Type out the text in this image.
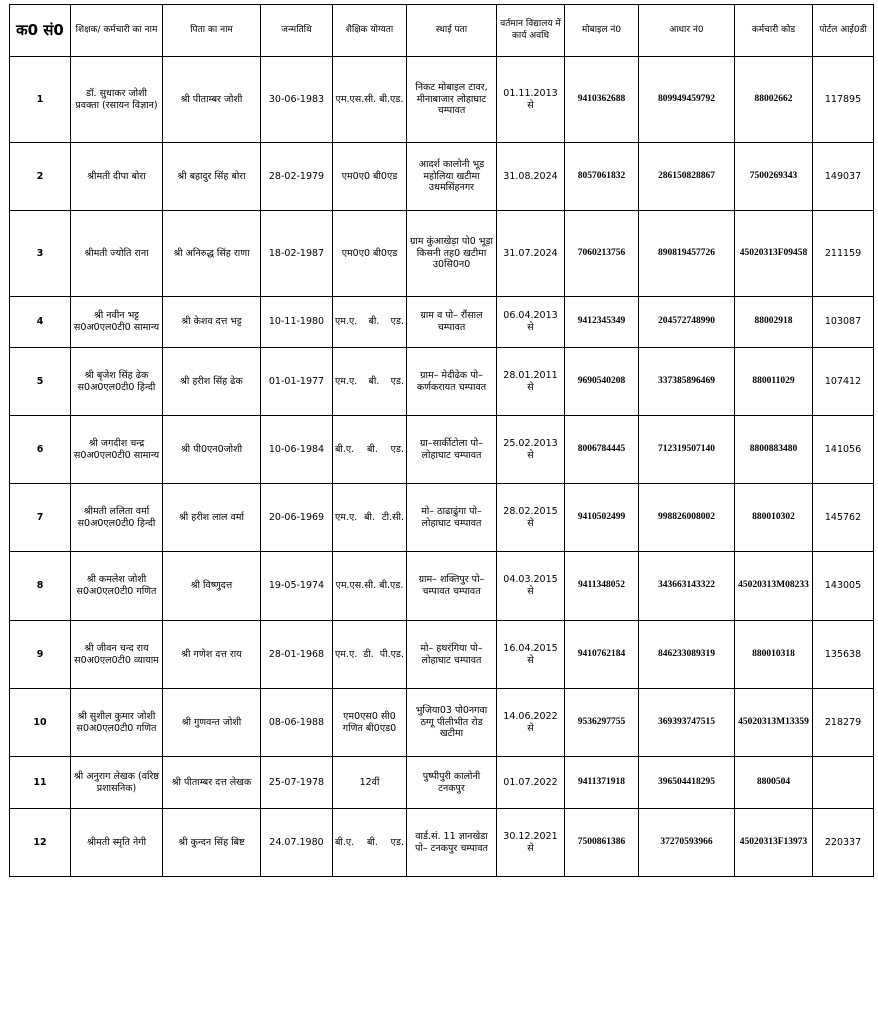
क0 सं0	शिक्षक/ कर्मचारी का नाम	पिता का नाम	जन्मतिथि	शैक्षिक योग्यता	स्थाई पता	वर्तमान विद्यालय में कार्य अवधि	मोबाइल नं0	आधार नं0	कर्मचारी कोड	पोर्टल आई0डी
1	डॉ. सुधाकर जोशी प्रवक्ता (रसायन विज्ञान)	श्री पीताम्बर जोशी	30-06-1983	एम.एस.सी. बी.एड.	निकट मोबाइल टावर, मीनाबाजार लोहाघाट चम्पावत	01.11.2013 से	9410362688	809949459792	88002662	117895
2	श्रीमती दीपा बोरा	श्री बहादुर सिंह बोरा	28-02-1979	एम0ए0 बी0एड	आदर्श कालोनी भूड महोलिया खटीमा उधमसिंहनगर	31.08.2024	8057061832	286150828867	7500269343	149037
3	श्रीमती ज्योति राना	श्री अनिरुद्ध सिंह राणा	18-02-1987	एम0ए0 बी0एड	ग्राम कुंआखेड़ा पो0 भूड़ा किसनी तह0 खटीमा उ0सि0न0	31.07.2024	7060213756	890819457726	45020313F09458	211159
4	श्री नवीन भट्ट स0अ0एल0टी0 सामान्य	श्री केशव दत्त भट्ट	10-11-1980	एम.ए. बी. एड.	ग्राम व पो– रौंसाल चम्पावत	06.04.2013 से	9412345349	204572748990	88002918	103087
5	श्री बृजेश सिंह ढेक स0अ0एल0टी0 हिन्दी	श्री हरीश सिंह ढेक	01-01-1977	एम.ए. बी. एड.	ग्राम– मेदीढेक पो– कर्णकरायत चम्पावत	28.01.2011 से	9690540208	337385896469	880011029	107412
6	श्री जगदीश चन्द्र स0अ0एल0टी0 सामान्य	श्री पी0एन0जोशी	10-06-1984	बी.ए. बी. एड.	ग्रा–सार्कीटोला पो–लोहाघाट चम्पावत	25.02.2013 से	8006784445	712319507140	8800883480	141056
7	श्रीमती ललिता वर्मा स0अ0एल0टी0 हिन्दी	श्री हरीश लाल वर्मा	20-06-1969	एम.ए. बी. टी.सी.	मो– ठाढाढुंगा पो– लोहाघाट चम्पावत	28.02.2015 से	9410502499	998826008002	880010302	145762
8	श्री कमलेश जोशी स0अ0एल0टी0 गणित	श्री विष्णुदत्त	19-05-1974	एम.एस.सी. बी.एड.	ग्राम– शक्तिपुर पो– चम्पावत चम्पावत	04.03.2015 से	9411348052	343663143322	45020313M08233	143005
9	श्री जीवन चन्द राय स0अ0एल0टी0 व्यायाम	श्री गणेश दत्त राय	28-01-1968	एम.ए. डी. पी.एड.	मो– हथरंगिया पो– लोहाघाट चम्पावत	16.04.2015 से	9410762184	846233089319	880010318	135638
10	श्री सुशील कुमार जोशी स0अ0एल0टी0 गणित	श्री गुणवन्त जोशी	08-06-1988	एम0एस0 सी0 गणित बी0एड0	भुजिया03 पो0नगवा ठग्गू पीलीभीत रोड खटीमा	14.06.2022 से	9536297755	369393747515	45020313M13359	218279
11	श्री अनुराग लेखक (वरिष्ठ प्रशासनिक)	श्री पीताम्बर दत्त लेखक	25-07-1978	12वीं	पुष्पीपुरी कालोनी टनकपुर	01.07.2022	9411371918	396504418295	8800504	
12	श्रीमती स्मृति नेगी	श्री कुन्दन सिंह बिष्ट	24.07.1980	बी.ए. बी. एड.	वार्ड.सं. 11 ज्ञानखेडा पो– टनकपुर चम्पावत	30.12.2021 से	7500861386	37270593966	45020313F13973	220337
